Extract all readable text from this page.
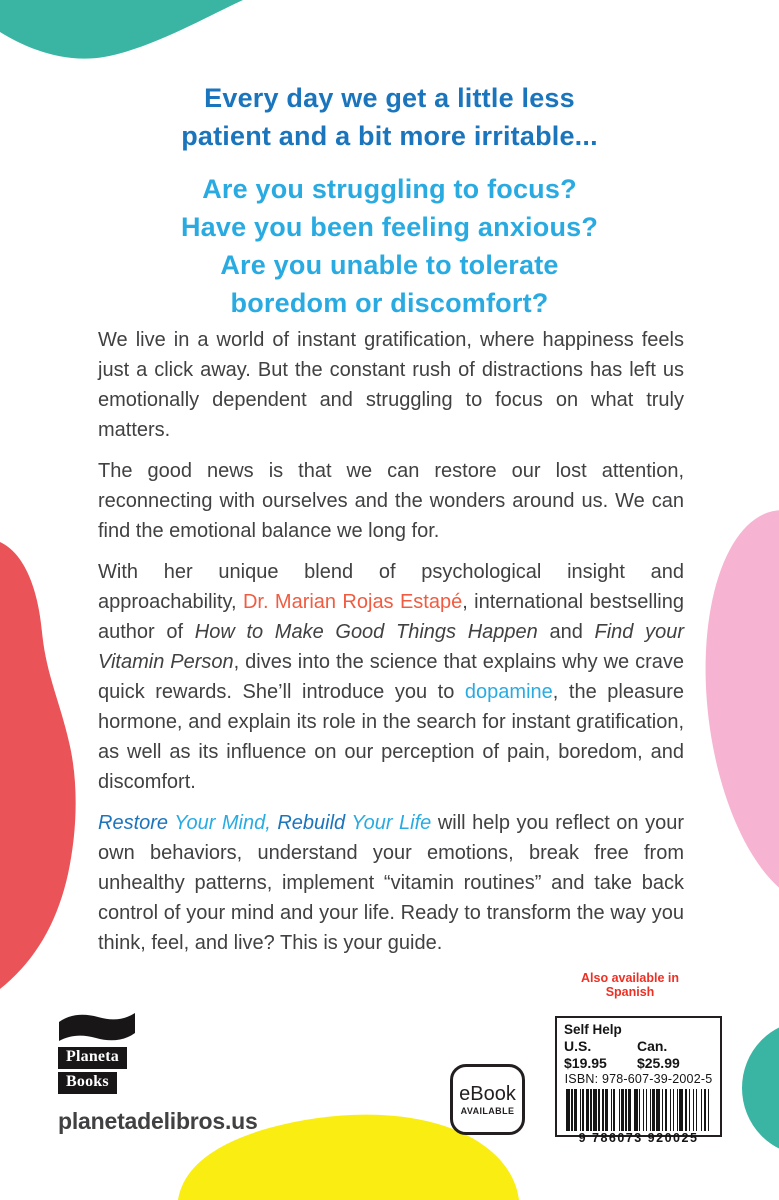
Every day we get a little less
patient and a bit more irritable...
Are you struggling to focus?
Have you been feeling anxious?
Are you unable to tolerate
boredom or discomfort?

We live in a world of instant gratification, where happiness feels just a click away. But the constant rush of distractions has left us emotionally dependent and struggling to focus on what truly matters.

The good news is that we can restore our lost attention, reconnecting with ourselves and the wonders around us. We can find the emotional balance we long for.

With her unique blend of psychological insight and approachability, Dr. Marian Rojas Estapé, international bestselling author of How to Make Good Things Happen and Find your Vitamin Person, dives into the science that explains why we crave quick rewards. She’ll introduce you to dopamine, the pleasure hormone, and explain its role in the search for instant gratification, as well as its influence on our perception of pain, boredom, and discomfort.

Restore Your Mind, Rebuild Your Life will help you reflect on your own behaviors, understand your emotions, break free from unhealthy patterns, implement “vitamin routines” and take back control of your mind and your life. Ready to transform the way you think, feel, and live? This is your guide.

Also available in Spanish
Planeta
Books
planetadelibros.us
eBook
AVAILABLE
Self Help
U.S. $19.95
Can. $25.99
ISBN: 978-607-39-2002-5
9 786073 920025
